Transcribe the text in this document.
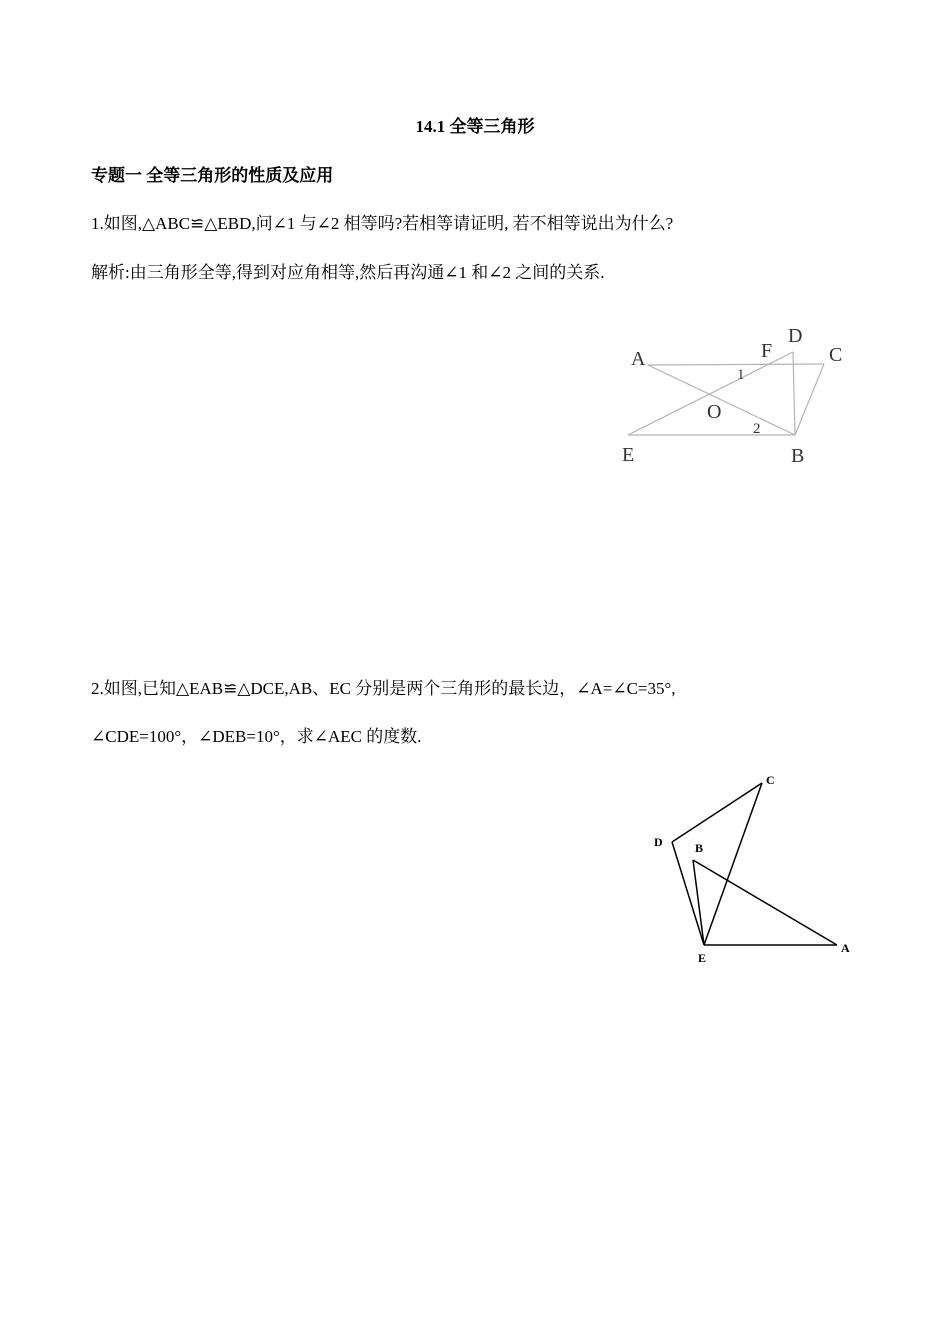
14.1 全等三角形
专题一 全等三角形的性质及应用
1.如图,△ABC≌△EBD,问∠1 与∠2 相等吗?若相等请证明, 若不相等说出为什么?
解析:由三角形全等,得到对应角相等,然后再沟通∠1 和∠2 之间的关系.
A	F
D
C
O
E	B
1
2
2.如图,已知△EAB≌△DCE,AB、EC 分别是两个三角形的最长边，∠A=∠C=35°,
∠CDE=100°，∠DEB=10°，求∠AEC 的度数.
C
D	B
E
A
